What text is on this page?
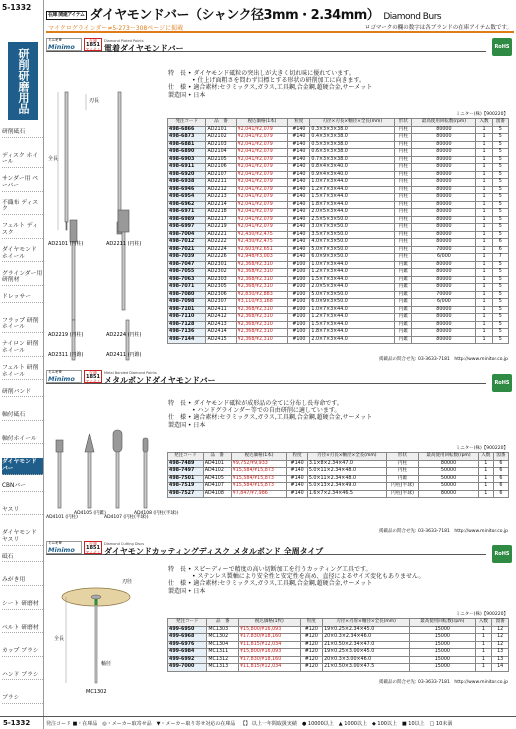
5-1332
研削研磨用品
研削砥石
ディスク ホイール
サンダー用 ペーパー
不織布 ディスク
フェルト ディスク
ダイヤモンド ホイール
グラインダー用 研削材
ドレッサー
フラップ 研削ホイール
ナイロン 研削ホイール
フェルト 研削ホイール
研削バンド
軸付砥石
軸付ホイール
ダイヤモンド バー
CBNバー
ヤスリ
ダイヤモンド ヤスリ
砥石
みがき用
シート 研磨材
ベルト 研磨材
カップ ブラシ
ハンド ブラシ
ブラシ
在庫 関連アイテム ダイヤモンドバー（シャンク径3mm・2.34mm） Diamond Burs
マイクログラインダー≠5-273〜308ページに掲載	ロゴマークの欄の数字は各ブランドの在庫アイテム数です。
ミニモ®
Minimo
在庫
1851
アイテム
Diamond Plated Points
電着ダイヤモンドバー	RoHS
特　長 • ダイヤモンド砥粒の突出しが大きく切れ味に優れています。
　　　　• 仕上げ面粗さを問わず目標とする形状の研削加工に向きます。
仕　様 • 適合素材:セラミックス,ガラス,工具鋼,合金鋼,超硬合金,サーメット
製造国 • 日本
ミニター(株)【900220】
発注コード	品　番	税込価格(1本)	粒度	刃径×刃長×軸径×全長(mm)	形状	最高使用回転数(rpm)	入数	図番
498-6866	AD2101	¥2,041/¥2,079	#140	0.3×3×3×38.0	円柱	80000	1	5
498-6873	AD2102	¥2,041/¥2,079	#140	0.4×3×3×38.0	円柱	80000	1	5
498-6881	AD2103	¥2,041/¥2,079	#140	0.5×3×3×38.0	円柱	80000	1	5
498-6890	AD2104	¥2,041/¥2,079	#140	0.6×3×3×38.0	円柱	80000	1	5
498-6903	AD2105	¥2,041/¥2,079	#140	0.7×3×3×38.0	円柱	80000	1	5
498-6911	AD2106	¥2,041/¥2,079	#140	0.8×4×3×40.0	円柱	80000	1	5
498-6920	AD2107	¥2,041/¥2,079	#140	0.9×4×3×40.0	円柱	80000	1	5
498-6938	AD2211	¥2,041/¥2,079	#140	1.0×7×3×44.0	円柱	80000	1	5
498-6946	AD2212	¥2,041/¥2,079	#140	1.2×7×3×44.0	円柱	80000	1	5
498-6954	AD2213	¥2,041/¥2,079	#140	1.5×7×3×44.0	円柱	80000	1	5
498-6962	AD2214	¥2,041/¥2,079	#140	1.8×7×3×44.0	円柱	80000	1	5
498-6971	AD2218	¥2,041/¥2,079	#140	2.0×5×3×44.0	円柱	80000	1	5
498-6989	AD2217	¥2,041/¥2,079	#140	2.5×5×3×50.0	円柱	80000	1	5
498-6997	AD2219	¥2,041/¥2,079	#140	3.0×7×3×50.0	円柱	80000	1	5
498-7004	AD2221	¥2,430/¥2,475	#140	3.5×7×3×50.0	円柱	80000	1	5
498-7012	AD2222	¥2,430/¥2,475	#140	4.0×7×3×50.0	円柱	80000	1	6
498-7021	AD2224	¥2,603/¥2,651	#140	5.0×7×3×50.0	円柱	70000	1	6
498-7039	AD2226	¥2,948/¥3,003	#140	6.0×9×3×50.0	円柱	6/000	1	7
498-7047	AD2301	¥2,368/¥2,310	#100	1.0×7×3×44.0	円錐	80000	1	5
498-7055	AD2302	¥2,368/¥2,310	#100	1.2×7×3×44.0	円錐	80000	1	5
498-7063	AD2303	¥2,368/¥2,310	#100	1.5×7×3×44.0	円錐	80000	1	5
498-7071	AD2305	¥2,368/¥2,310	#100	2.0×5×3×44.0	円錐	80000	1	5
498-7080	AD2306	¥2,830/¥2,883	#100	5.0×7×3×50.0	円錐	70000	1	5
498-7098	AD2307	¥3,110/¥3,168	#100	6.0×9×3×50.0	円錐	6/000	1	5
498-7101	AD2411	¥2,368/¥2,310	#100	1.0×7×3×44.0	円錐	80000	1	5
498-7110	AD2412	¥2,368/¥2,310	#100	1.2×7×3×44.0	円錐	80000	1	5
498-7128	AD2413	¥2,368/¥2,310	#100	1.5×7×3×44.0	円錐	80000	1	5
498-7136	AD2414	¥2,368/¥2,310	#100	1.8×7×3×44.0	円錐	80000	1	5
498-7144	AD2415	¥2,368/¥2,310	#100	2.0×7×3×44.0	円錐	80000	1	5
掲載品の問合せ先: 03-3633-7181　http://www.minitor.co.jp
全長
刃長
AD2101 (円柱)	AD2211 (円柱)
AD2219 (円柱)	AD2224 (円柱)
AD2311 (円錐)	AD2411 (円錐)
ミニモ®
Minimo
在庫
1851
アイテム
Metal Bonded Diamond Points
メタルボンドダイヤモンドバー	RoHS
特　長 • ダイヤモンド砥粒が成形品の全てに分布し長寿命です。
　　　　• ハンドグラインダー等での自由研削に適しています。
仕　様 • 適合素材:セラミックス,ガラス,工具鋼,合金鋼,超硬合金,サーメット
製造国 • 日本
ミニター(株)【900220】
発注コード	品　番	税込価格(1本)	粒度	刃径×刃長×軸径×全長(mm)	形状	最高使用回転数(rpm)	入数	図番
498-7489	AD4101	¥9,752/¥9,933	#140	3.1×8×2.34×47.0	円柱	80000	1	6
498-7497	AD4102	¥15,584/¥15,873	#140	5.0×11×2.34×48.0	円柱	50000	1	6
498-7501	AD4105	¥15,584/¥15,873	#140	5.0×11×2.34×48.0	円錐	50000	1	6
498-7519	AD4107	¥15,584/¥15,873	#140	5.0×13×2.34×49.0	円柱(半球)	50000	1	6
498-7527	AD4108	¥7,847/¥7,986	#140	1.6×7×2.34×46.5	円柱(半球)	80000	1	6
掲載品の問合せ先: 03-3633-7181　http://www.minitor.co.jp
AD4101 (円柱)
AD4105 (円錐)
AD4107 (円柱(半球))
AD4108 (円柱(半球))
ミニモ®
Minimo
在庫
1851
アイテム
Diamond Cutting Discs
ダイヤモンドカッティングディスク メタルボンド 全周タイプ	RoHS
特　長 • スピーディーで精度の高い切断加工を行うカッティング工具です。
　　　　• ステンレス製軸により安全性と安定性を高め、直径によるサイズ変化もありません。
仕　様 • 適合素材:セラミックス,ガラス,工具鋼,合金鋼,超硬合金,サーメット
製造国 • 日本
ミニター(株)【900220】
発注コード	品　番	税込価格(1枚)	粒度	刃径×刃厚×軸径×全長(mm)	最高使用回転数(rpm)	入数	図番
499-6950	MC1303	¥15,800/¥16,093	#120	19×0.25×2.34×45.0	15000	1	12
499-6968	MC1302	¥17,830/¥18,160	#120	20×0.3×2.34×46.0	15000	1	12
499-6976	MC1304	¥11,815/¥12,034	#120	21×0.50×2.34×47.0	15000	1	12
499-6984	MC1311	¥15,800/¥16,093	#120	19×0.25×3.00×45.0	15000	1	13
499-6992	MC1312	¥17,830/¥18,160	#120	20×0.3×3.00×46.0	15000	1	13
499-7000	MC1313	¥11,815/¥12,034	#120	21×0.50×3.00×47.5	15000	1	14
掲載品の問合せ先: 03-3633-7181　http://www.minitor.co.jp
全長
軸径
刃径
MC1302
発注コード ■・在庫品 ◎・メーカー取寄せ品 ▼・メーカー取り寄せ対応の在庫品 【】 以上一年間取扱実績 ● 10000以上 ▲ 1000以上 ◆ 100以上 ■ 10以上 □ 10未満
5-1332
